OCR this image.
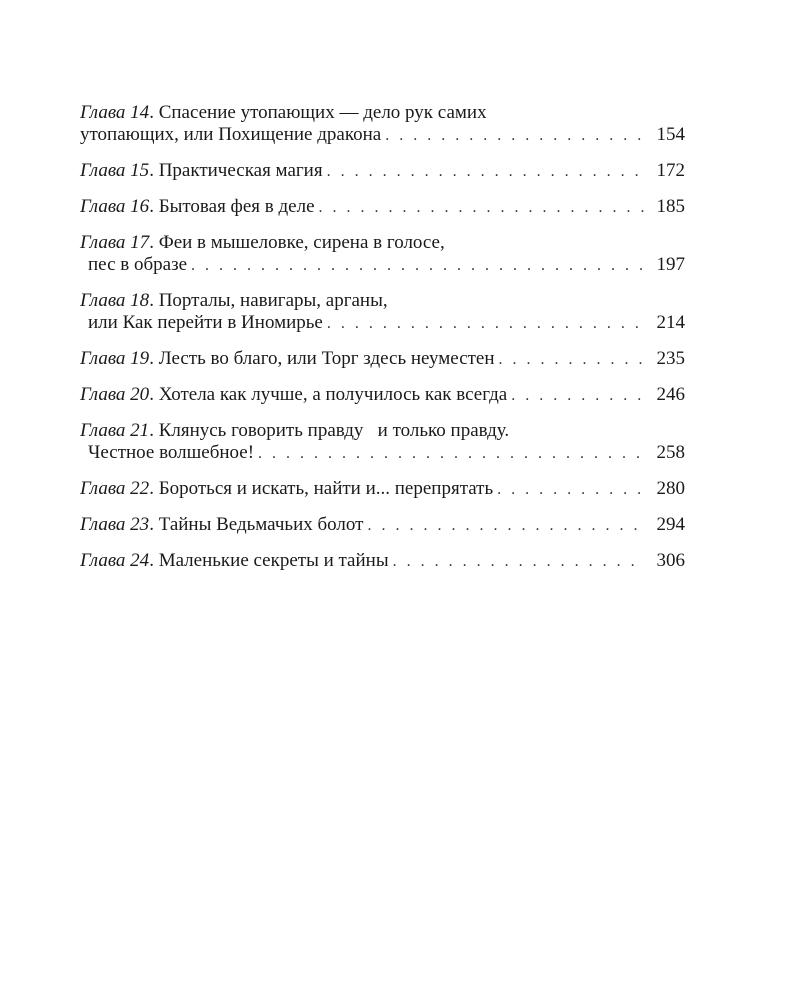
Глава 14. Спасение утопающих — дело рук самих
утопающих, или Похищение дракона . . .	154
Глава 15. Практическая магия . . .	172
Глава 16. Бытовая фея в деле . . .	185
Глава 17. Феи в мышеловке, сирена в голосе,
пес в образе . . .	197
Глава 18. Порталы, навигары, арганы,
или Как перейти в Иномирье . . .	214
Глава 19. Лесть во благо, или Торг здесь неуместен . . .	235
Глава 20. Хотела как лучше, а получилось как всегда . . .	246
Глава 21. Клянусь говорить правду   и только правду.
Честное волшебное! . . .	258
Глава 22. Бороться и искать, найти и... перепрятать . . .	280
Глава 23. Тайны Ведьмачьих болот . . .	294
Глава 24. Маленькие секреты и тайны . . .	306
